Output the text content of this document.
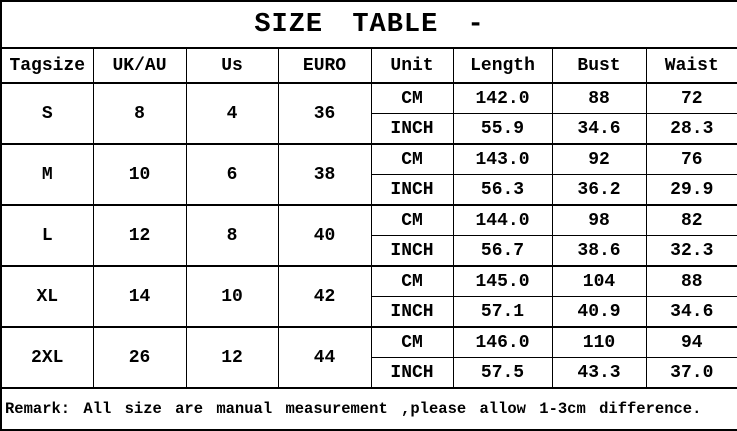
SIZE TABLE -							
Tagsize	UK/AU	Us	EURO	Unit	Length	Bust	Waist
S	8	4	36	CM	142.0	88	72
				INCH	55.9	34.6	28.3
M	10	6	38	CM	143.0	92	76
				INCH	56.3	36.2	29.9
L	12	8	40	CM	144.0	98	82
				INCH	56.7	38.6	32.3
XL	14	10	42	CM	145.0	104	88
				INCH	57.1	40.9	34.6
2XL	26	12	44	CM	146.0	110	94
				INCH	57.5	43.3	37.0
Remark: All size are manual measurement ,please allow 1-3cm difference.							
